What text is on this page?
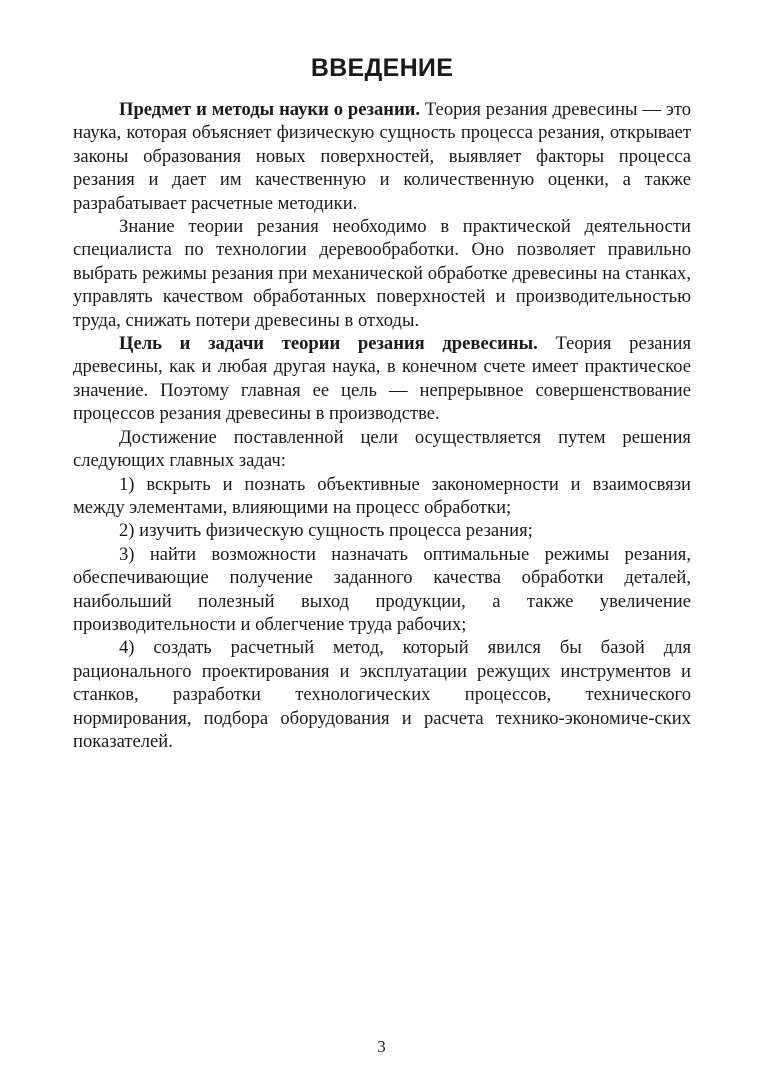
ВВЕДЕНИЕ

Предмет и методы науки о резании. Теория резания древесины — это наука, которая объясняет физическую сущность процесса резания, открывает законы образования новых поверхностей, выявляет факторы процесса резания и дает им качественную и количественную оценки, а также разрабатывает расчетные методики.

Знание теории резания необходимо в практической деятельности специалиста по технологии деревообработки. Оно позволяет правильно выбрать режимы резания при механической обработке древесины на станках, управлять качеством обработанных поверхностей и производительностью труда, снижать потери древесины в отходы.

Цель и задачи теории резания древесины. Теория резания древесины, как и любая другая наука, в конечном счете имеет практическое значение. Поэтому главная ее цель — непрерывное совершенствование процессов резания древесины в производстве.

Достижение поставленной цели осуществляется путем решения следующих главных задач:

1) вскрыть и познать объективные закономерности и взаимосвязи между элементами, влияющими на процесс обработки;

2) изучить физическую сущность процесса резания;

3) найти возможности назначать оптимальные режимы резания, обеспечивающие получение заданного качества обработки деталей, наибольший полезный выход продукции, а также увеличение производительности и облегчение труда рабочих;

4) создать расчетный метод, который явился бы базой для рационального проектирования и эксплуатации режущих инструментов и станков, разработки технологических процессов, технического нормирования, подбора оборудования и расчета технико-экономиче-ских показателей.

3
